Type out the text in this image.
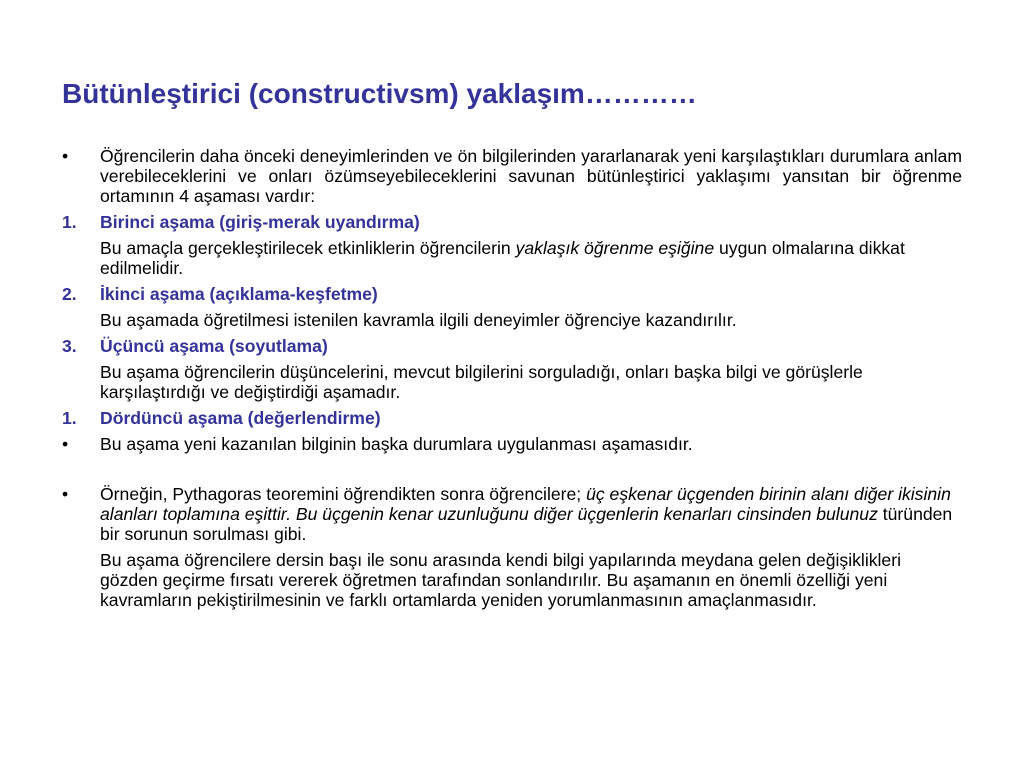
Bütünleştirici (constructivsm) yaklaşım…………
• Öğrencilerin daha önceki deneyimlerinden ve ön bilgilerinden yararlanarak yeni karşılaştıkları durumlara anlam verebileceklerini ve onları özümseyebileceklerini savunan bütünleştirici yaklaşımı yansıtan bir öğrenme ortamının 4 aşaması vardır:
1. Birinci aşama (giriş-merak uyandırma)
Bu amaçla gerçekleştirilecek etkinliklerin öğrencilerin yaklaşık öğrenme eşiğine uygun olmalarına dikkat edilmelidir.
2. İkinci aşama (açıklama-keşfetme)
Bu aşamada öğretilmesi istenilen kavramla ilgili deneyimler öğrenciye kazandırılır.
3. Üçüncü aşama (soyutlama)
Bu aşama öğrencilerin düşüncelerini, mevcut bilgilerini sorguladığı, onları başka bilgi ve görüşlerle karşılaştırdığı ve değiştirdiği aşamadır.
1. Dördüncü aşama (değerlendirme)
• Bu aşama yeni kazanılan bilginin başka durumlara uygulanması aşamasıdır.
• Örneğin, Pythagoras teoremini öğrendikten sonra öğrencilere; üç eşkenar üçgenden birinin alanı diğer ikisinin alanları toplamına eşittir. Bu üçgenin kenar uzunluğunu diğer üçgenlerin kenarları cinsinden bulunuz türünden bir sorunun sorulması gibi.
Bu aşama öğrencilere dersin başı ile sonu arasında kendi bilgi yapılarında meydana gelen değişiklikleri gözden geçirme fırsatı vererek öğretmen tarafından sonlandırılır. Bu aşamanın en önemli özelliği yeni kavramların pekiştirilmesinin ve farklı ortamlarda yeniden yorumlanmasının amaçlanmasıdır.
